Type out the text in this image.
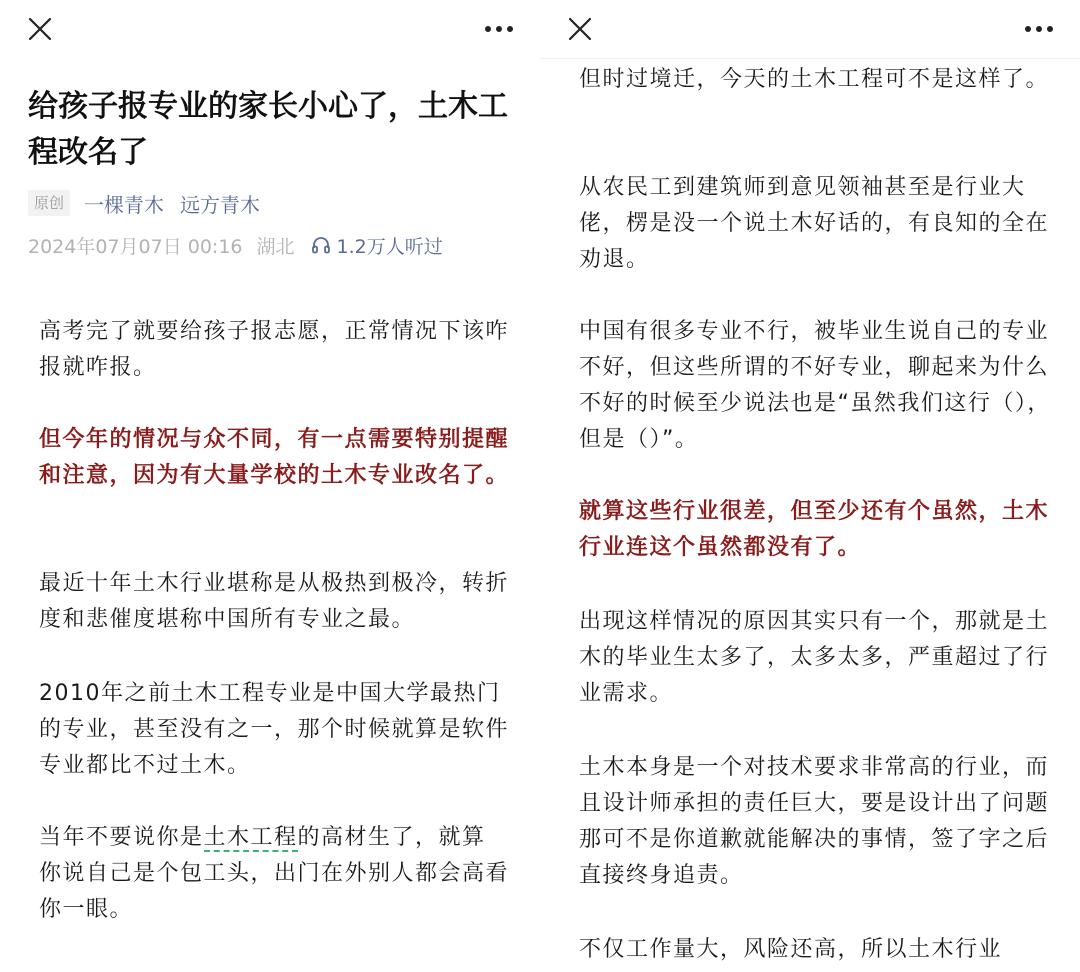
给孩子报专业的家长小心了，土木工程改名了
原创	一棵青木 远方青木
2024年07月07日 00:16 湖北 1.2万人听过

高考完了就要给孩子报志愿，正常情况下该咋报就咋报。

但今年的情况与众不同，有一点需要特别提醒和注意，因为有大量学校的土木专业改名了。

最近十年土木行业堪称是从极热到极冷，转折度和悲催度堪称中国所有专业之最。

2010年之前土木工程专业是中国大学最热门的专业，甚至没有之一，那个时候就算是软件专业都比不过土木。

当年不要说你是土木工程的高材生了，就算你说自己是个包工头，出门在外别人都会高看你一眼。

但时过境迁，今天的土木工程可不是这样了。

从农民工到建筑师到意见领袖甚至是行业大佬，楞是没一个说土木好话的，有良知的全在劝退。

中国有很多专业不行，被毕业生说自己的专业不好，但这些所谓的不好专业，聊起来为什么不好的时候至少说法也是“虽然我们这行（），但是（）”。

就算这些行业很差，但至少还有个虽然，土木行业连这个虽然都没有了。

出现这样情况的原因其实只有一个，那就是土木的毕业生太多了，太多太多，严重超过了行业需求。

土木本身是一个对技术要求非常高的行业，而且设计师承担的责任巨大，要是设计出了问题那可不是你道歉就能解决的事情，签了字之后直接终身追责。

不仅工作量大，风险还高，所以土木行业
